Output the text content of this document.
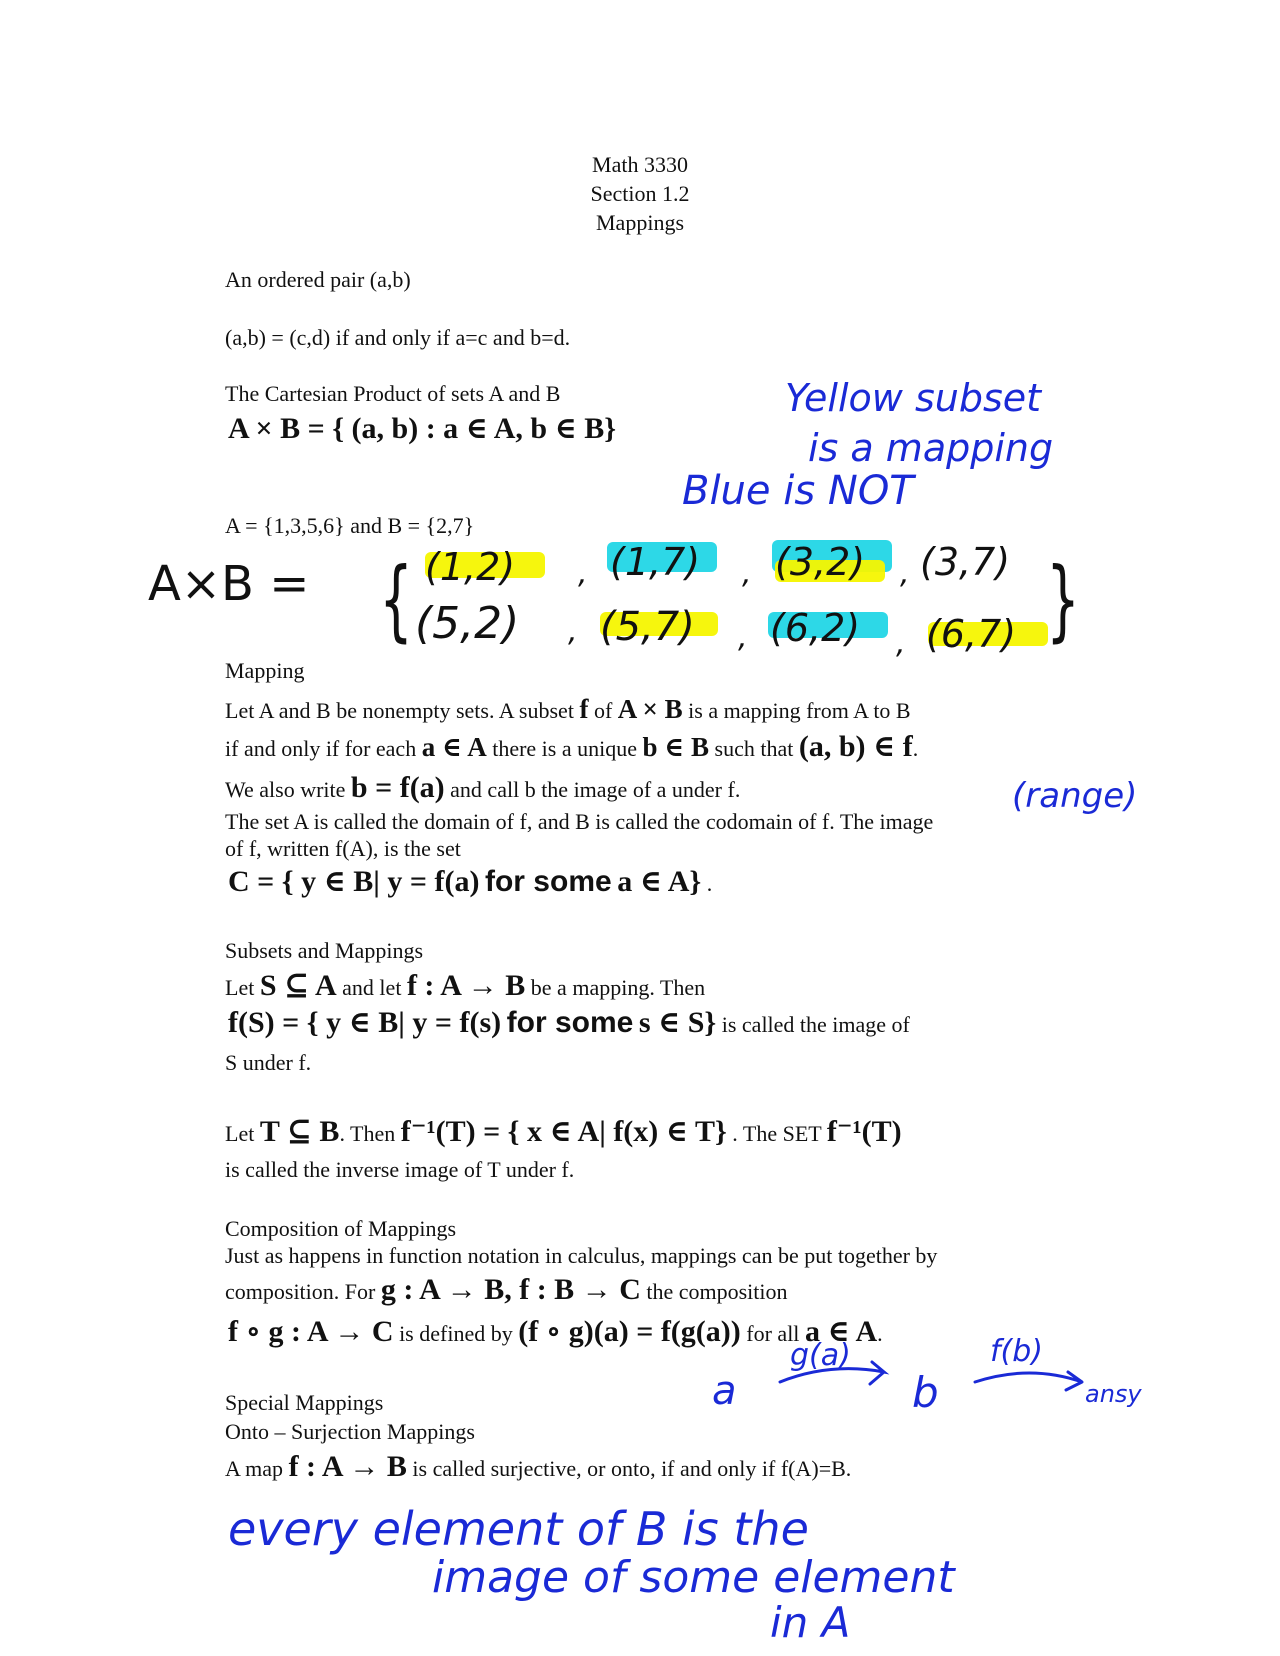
Math 3330
Section 1.2
Mappings
An ordered pair (a,b)
(a,b) = (c,d) if and only if a=c and b=d.
The Cartesian Product of sets A and B
A × B = { (a, b) : a ∈ A, b ∈ B}
Yellow subset
is a mapping
Blue is NOT
A = {1,3,5,6} and B = {2,7}
A×B = { (1,2) , (1,7) , (3,2) , (3,7)
(5,2) , (5,7) , (6,2) , (6,7) }
Mapping
Let A and B be nonempty sets. A subset f of A × B is a mapping from A to B
if and only if for each a ∈ A there is a unique b ∈ B such that (a, b) ∈ f.
We also write b = f(a) and call b the image of a under f.	(range)
The set A is called the domain of f, and B is called the codomain of f. The image
of f, written f(A), is the set
C = { y ∈ B| y = f(a) for some a ∈ A} .
Subsets and Mappings
Let S ⊆ A and let f : A → B be a mapping. Then
f(S) = { y ∈ B| y = f(s) for some s ∈ S} is called the image of
S under f.
Let T ⊆ B. Then f⁻¹(T) = { x ∈ A| f(x) ∈ T} . The SET f⁻¹(T)
is called the inverse image of T under f.
Composition of Mappings
Just as happens in function notation in calculus, mappings can be put together by
composition. For g : A → B, f : B → C the composition
f ∘ g : A → C is defined by (f ∘ g)(a) = f(g(a)) for all a ∈ A.
a
g(a)
b
f(b)
ansy
Special Mappings
Onto – Surjection Mappings
A map f : A → B is called surjective, or onto, if and only if f(A)=B.
every element of B is the
image of some element
in A
